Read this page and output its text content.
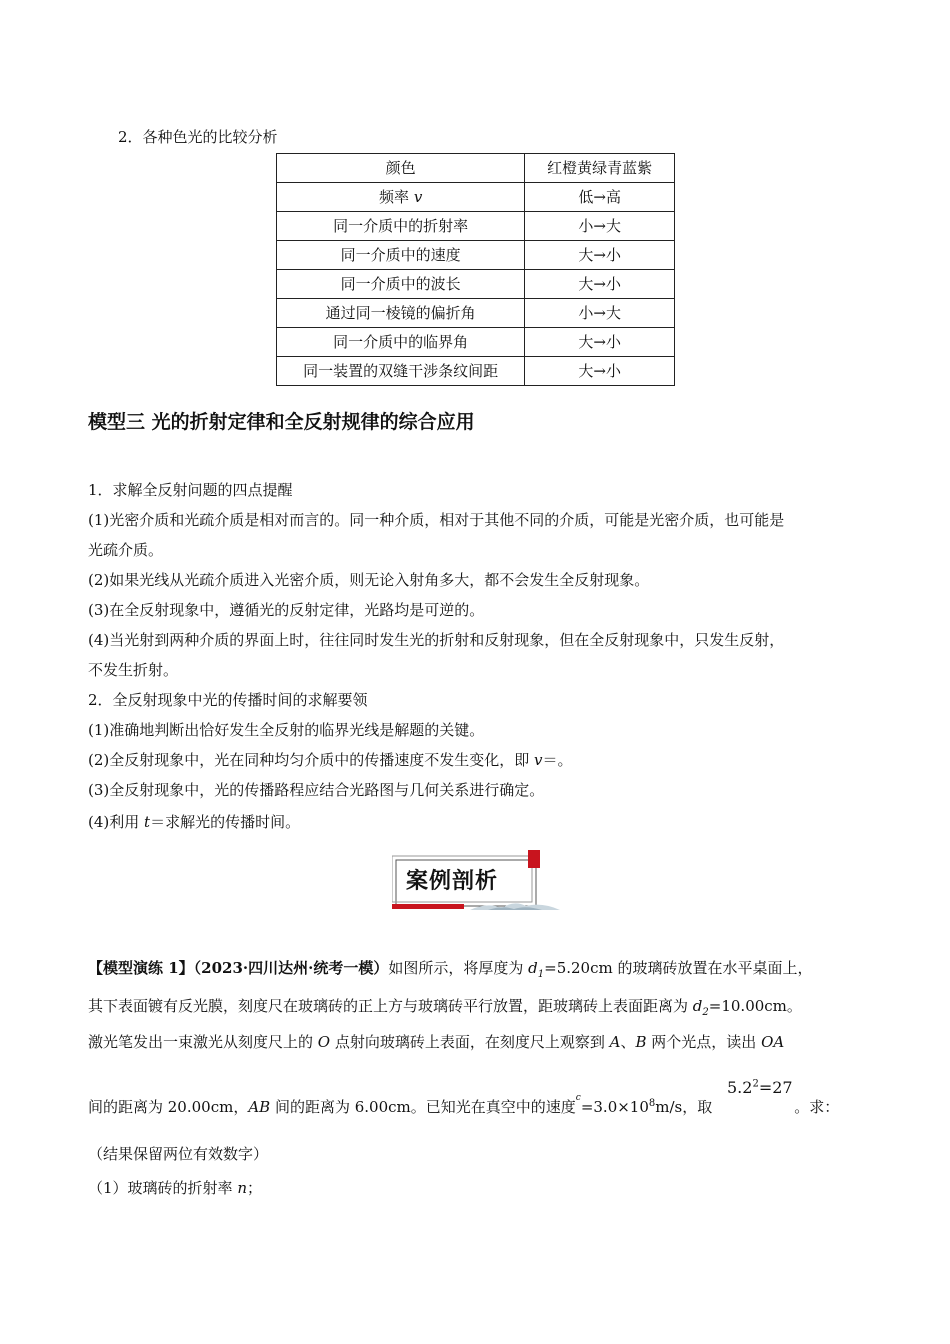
2．各种色光的比较分析
颜色	红橙黄绿青蓝紫
频率 v	低→高
同一介质中的折射率	小→大
同一介质中的速度	大→小
同一介质中的波长	大→小
通过同一棱镜的偏折角	小→大
同一介质中的临界角	大→小
同一装置的双缝干涉条纹间距	大→小
模型三 光的折射定律和全反射规律的综合应用
1．求解全反射问题的四点提醒
(1)光密介质和光疏介质是相对而言的。同一种介质，相对于其他不同的介质，可能是光密介质，也可能是
光疏介质。
(2)如果光线从光疏介质进入光密介质，则无论入射角多大，都不会发生全反射现象。
(3)在全反射现象中，遵循光的反射定律，光路均是可逆的。
(4)当光射到两种介质的界面上时，往往同时发生光的折射和反射现象，但在全反射现象中，只发生反射，
不发生折射。
2．全反射现象中光的传播时间的求解要领
(1)准确地判断出恰好发生全反射的临界光线是解题的关键。
(2)全反射现象中，光在同种均匀介质中的传播速度不发生变化，即 v＝。
(3)全反射现象中，光的传播路程应结合光路图与几何关系进行确定。
(4)利用 t＝求解光的传播时间。
案例剖析
【模型演练 1】（2023·四川达州·统考一模）如图所示，将厚度为 $d_1=5.20cm$ 的玻璃砖放置在水平桌面上，
其下表面镀有反光膜，刻度尺在玻璃砖的正上方与玻璃砖平行放置，距玻璃砖上表面距离为 $d_2=10.00cm$。
激光笔发出一束激光从刻度尺上的 O 点射向玻璃砖上表面，在刻度尺上观察到 A、B 两个光点，读出 OA
间的距离为 20.00cm，AB 间的距离为 6.00cm。已知光在真空中的速度$^c=3.0\times 10^8m/s$，取	。求：
$5.2^2=27$
（结果保留两位有效数字）
（1）玻璃砖的折射率 n；
